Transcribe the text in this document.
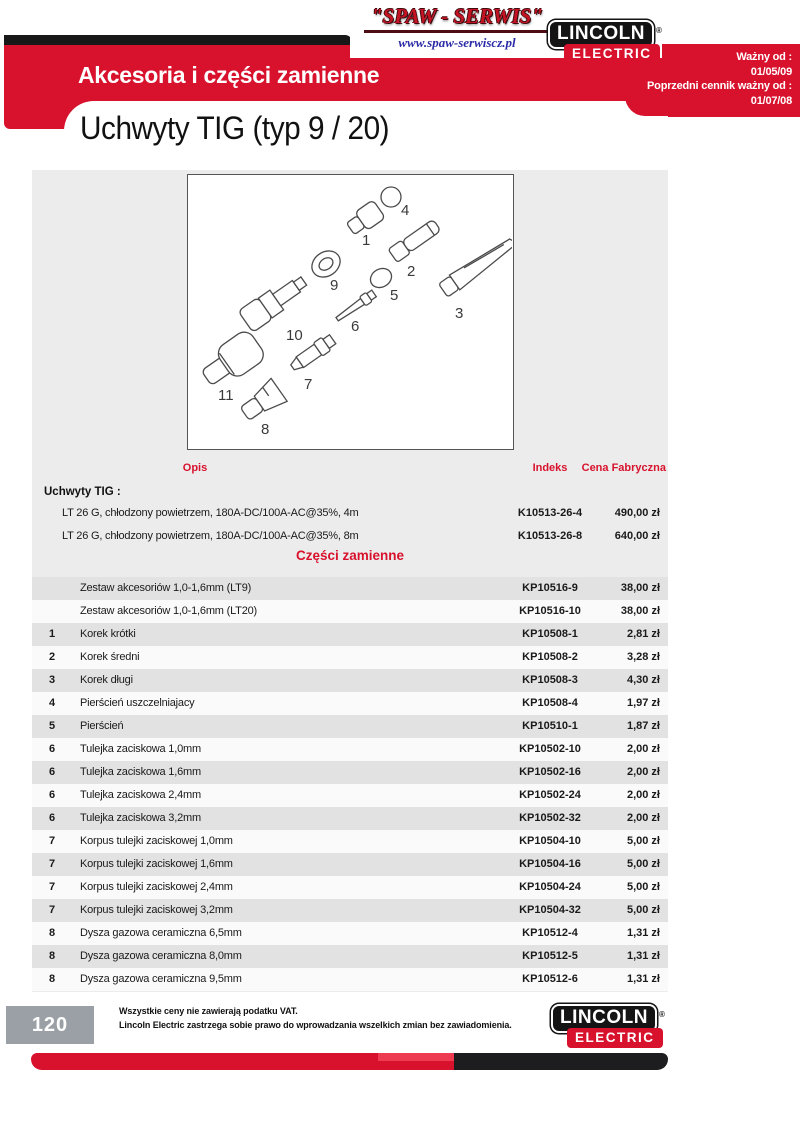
Ważny od :
01/05/09
Poprzedni cennik ważny od :
01/07/08
"SPAW - SERWIS"
www.spaw-serwiscz.pl	LINCOLN ®
ELECTRIC
Akcesoria i części zamienne
Uchwyty TIG (typ 9 / 20)
4
1
2
3
9
5
6
10
7
11
8
Opis	Indeks	Cena Fabryczna
Uchwyty TIG :
LT 26 G, chłodzony powietrzem, 180A-DC/100A-AC@35%, 4m	K10513-26-4	490,00 zł
LT 26 G, chłodzony powietrzem, 180A-DC/100A-AC@35%, 8m	K10513-26-8	640,00 zł
Części zamienne
Zestaw akcesoriów 1,0-1,6mm (LT9)	KP10516-9	38,00 zł
Zestaw akcesoriów 1,0-1,6mm (LT20)	KP10516-10	38,00 zł
1	Korek krótki	KP10508-1	2,81 zł
2	Korek średni	KP10508-2	3,28 zł
3	Korek długi	KP10508-3	4,30 zł
4	Pierścień uszczelniajacy	KP10508-4	1,97 zł
5	Pierścień	KP10510-1	1,87 zł
6	Tulejka zaciskowa 1,0mm	KP10502-10	2,00 zł
6	Tulejka zaciskowa 1,6mm	KP10502-16	2,00 zł
6	Tulejka zaciskowa 2,4mm	KP10502-24	2,00 zł
6	Tulejka zaciskowa 3,2mm	KP10502-32	2,00 zł
7	Korpus tulejki zaciskowej 1,0mm	KP10504-10	5,00 zł
7	Korpus tulejki zaciskowej 1,6mm	KP10504-16	5,00 zł
7	Korpus tulejki zaciskowej 2,4mm	KP10504-24	5,00 zł
7	Korpus tulejki zaciskowej 3,2mm	KP10504-32	5,00 zł
8	Dysza gazowa ceramiczna 6,5mm	KP10512-4	1,31 zł
8	Dysza gazowa ceramiczna 8,0mm	KP10512-5	1,31 zł
8	Dysza gazowa ceramiczna 9,5mm	KP10512-6	1,31 zł
120
Wszystkie ceny nie zawierają podatku VAT.
Lincoln Electric zastrzega sobie prawo do wprowadzania wszelkich zmian bez zawiadomienia.	LINCOLN ®
ELECTRIC
